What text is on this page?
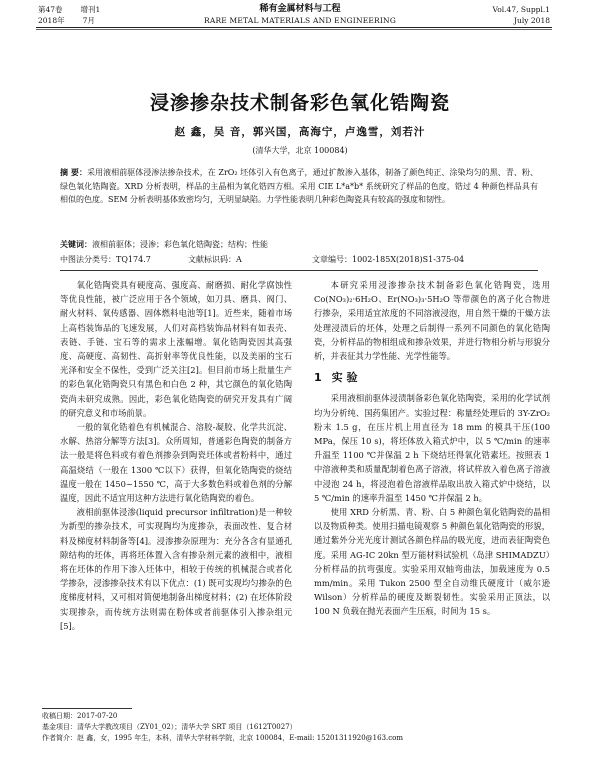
第47卷 增刊1
2018年 7月
稀有金属材料与工程
RARE METAL MATERIALS AND ENGINEERING
Vol.47, Suppl.1
July 2018
浸渗掺杂技术制备彩色氧化锆陶瓷
赵 鑫，吴 音，郭兴国，高海宁，卢逸雪，刘若汁
(清华大学，北京 100084)
摘 要：采用液相前驱体浸渗法掺杂技术，在 ZrO₂ 坯体引入有色离子，通过扩散渗入基体，制备了颜色纯正、涂染均匀的黑、青、粉、绿色氧化锆陶瓷。XRD 分析表明，样品的主晶相为氧化锆四方相。采用 CIE L*a*b* 系统研究了样品的色度，锆过 4 种颜色样品具有相似的色度。SEM 分析表明基体致密均匀，无明显缺陷。力学性能表明几种彩色陶瓷具有较高的强度和韧性。
关键词：液相前驱体；浸渗；彩色氧化锆陶瓷；结构；性能
中图法分类号：TQ174.7	文献标识码：A	文章编号：1002-185X(2018)S1-375-04

氧化锆陶瓷具有硬度高、强度高、耐磨损、耐化学腐蚀性等优良性能，被广泛应用于各个领域，如刀具、磨具、阀门、耐火材料、氧传感器、固体燃料电池等[1]。近些来，随着市场上高档装饰品的飞速发展，人们对高档装饰品材料有如表壳、表链、手链、宝石等的需求上涨幅增。氧化锆陶瓷因其高强度、高硬度、高韧性、高折射率等优良性能，以及美丽的宝石光泽和安全不保性，受到广泛关注[2]。但目前市场上批量生产的彩色氧化锆陶瓷只有黑色和白色 2 种，其它颜色的氧化锆陶瓷尚未研究成熟。因此，彩色氧化锆陶瓷的研究开发具有广阔的研究意义和市场前景。

一般的氧化锆着色有机械混合、溶胶-凝胶、化学共沉淀、水解、热溶分解等方法[3]。众所周知，普通彩色陶瓷的制备方法一般是将色料或有着色剂掺杂到陶瓷坯体或者粉料中，通过高温烧结（一般在 1300 ℃以下）获得，但氧化锆陶瓷的烧结温度一般在 1450~1550 ℃，高于大多数色料或着色剂的分解温度，因此不适宜用这种方法进行氧化锆陶瓷的着色。

液相前驱体浸渗(liquid precursor infiltration)是一种较为新型的掺杂技术，可实现陶均为度掺杂，表面改性、复合材料及梯度材料制备等[4]。浸渗掺杂原理为：充分各含有显通孔隙结构的坯体，再将坯体置入含有掺杂剂元素的液相中，液相将在坯体的作用下渗入坯体中，相较于传统的机械混合或者化学掺杂，浸渗掺杂技术有以下优点：(1) 既可实现均匀掺杂的色度梯度材料，又可相对简便地制备出梯度材料；(2) 在坯体阶段实现掺杂，而传统方法则需在粉体或者前驱体引入掺杂组元[5]。

本研究采用浸渗掺杂技术制备彩色氧化锆陶瓷，选用 Co(NO₃)₂·6H₂O、Er(NO₃)₃·5H₂O 等带颜色的离子化合物进行掺杂，采用适宜浓度的不同溶液浸泡，用自然干燥的干燥方法处理浸渍后的坯体，处理之后制得一系列不同颜色的氧化锆陶瓷，分析样品的物相组成和掺杂效果，并进行物相分析与形貌分析，并表征其力学性能、光学性能等。

1 实 验

采用液相前驱体浸渍制备彩色氧化锆陶瓷，采用的化学试剂均为分析纯、国药集团产。实验过程：称量经处理后的 3Y-ZrO₂ 粉末 1.5 g，在压片机上用直径为 18 mm 的模具干压(100 MPa，保压 10 s)，将坯体放入箱式炉中，以 5 ℃/min 的速率升温至 1100 ℃并保温 2 h 下烧结坯得氧化锆素坯。按照表 1 中溶液种类和质量配制着色离子溶液，将试样放入着色离子溶液中浸泡 24 h，将浸泡着色溶液样品取出放入箱式炉中烧结，以 5 ℃/min 的速率升温至 1450 ℃并保温 2 h。

使用 XRD 分析黑、青、粉、白 5 种颜色氧化锆陶瓷的晶相以及物质种类。使用扫描电镜观察 5 种颜色氧化锆陶瓷的形貌，通过紫外分光光度计测试各颜色样品的吸光度，进而表征陶瓷色度。采用 AG-IC 20kn 型万能材料试验机（岛津 SHIMADZU）分析样品的抗弯强度。实验采用双轴弯曲法，加载速度为 0.5 mm/min。采用 Tukon 2500 型全自动维氏硬度计（威尔逊 Wilson）分析样品的硬度及断裂韧性。实验采用正顶法，以 100 N 负载在抛光表面产生压痕，时间为 15 s。

收稿日期：2017-07-20
基金项目：清华大学教改项目（ZY01_02）；清华大学 SRT 项目（1612T0027）
作者简介：赵 鑫，女，1995 年生，本科，清华大学材料学院，北京 100084，E-mail: 15201311920@163.com
